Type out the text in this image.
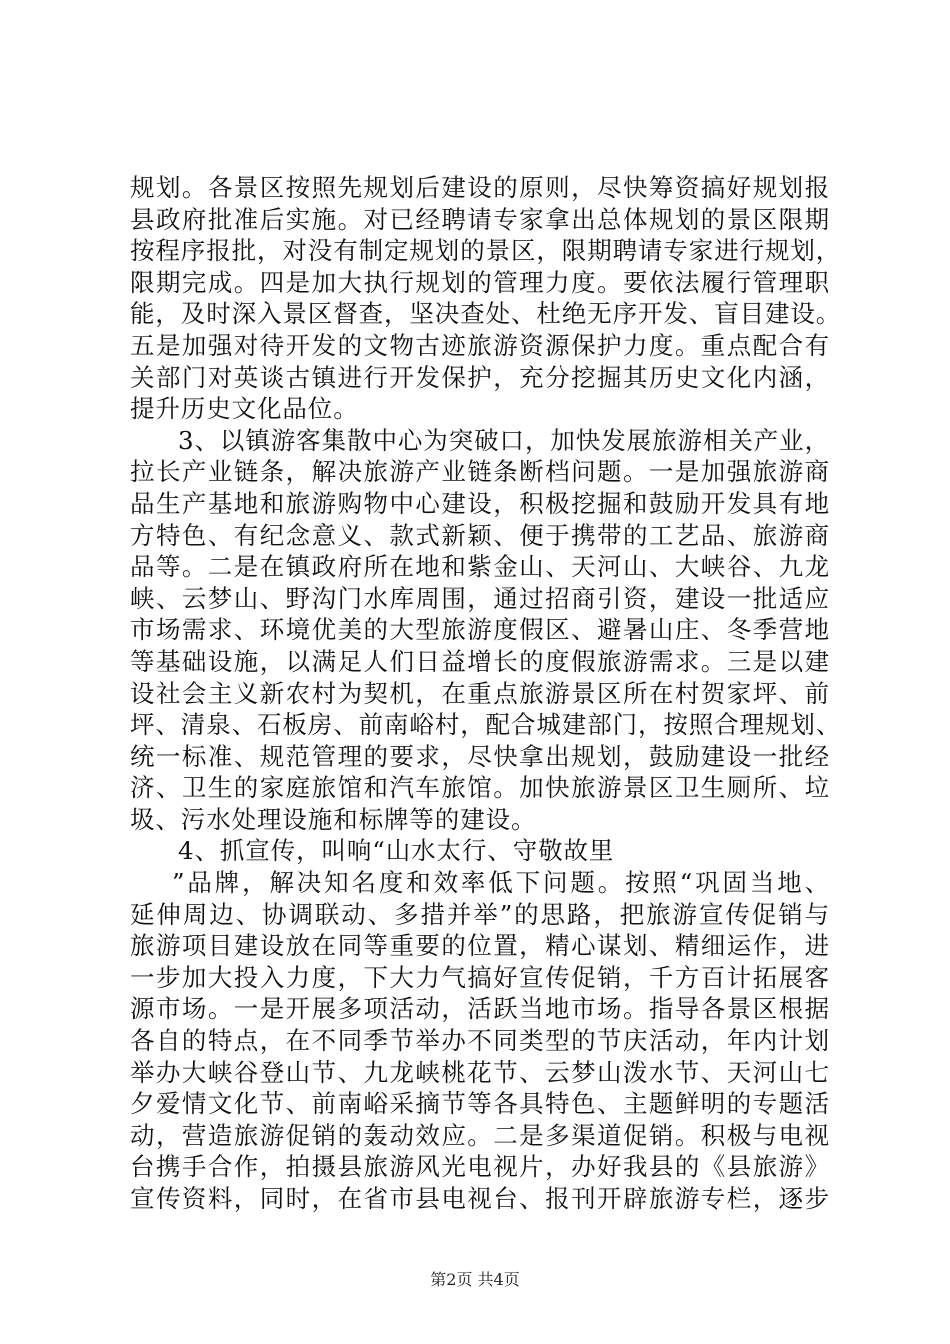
规划。各景区按照先规划后建设的原则，尽快筹资搞好规划报
县政府批准后实施。对已经聘请专家拿出总体规划的景区限期
按程序报批，对没有制定规划的景区，限期聘请专家进行规划，
限期完成。四是加大执行规划的管理力度。要依法履行管理职
能，及时深入景区督查，坚决查处、杜绝无序开发、盲目建设。
五是加强对待开发的文物古迹旅游资源保护力度。重点配合有
关部门对英谈古镇进行开发保护，充分挖掘其历史文化内涵，
提升历史文化品位。
3、以镇游客集散中心为突破口，加快发展旅游相关产业，
拉长产业链条，解决旅游产业链条断档问题。一是加强旅游商
品生产基地和旅游购物中心建设，积极挖掘和鼓励开发具有地
方特色、有纪念意义、款式新颖、便于携带的工艺品、旅游商
品等。二是在镇政府所在地和紫金山、天河山、大峡谷、九龙
峡、云梦山、野沟门水库周围，通过招商引资，建设一批适应
市场需求、环境优美的大型旅游度假区、避暑山庄、冬季营地
等基础设施，以满足人们日益增长的度假旅游需求。三是以建
设社会主义新农村为契机，在重点旅游景区所在村贺家坪、前
坪、清泉、石板房、前南峪村，配合城建部门，按照合理规划、
统一标准、规范管理的要求，尽快拿出规划，鼓励建设一批经
济、卫生的家庭旅馆和汽车旅馆。加快旅游景区卫生厕所、垃
圾、污水处理设施和标牌等的建设。
4、抓宣传，叫响“山水太行、守敬故里
”品牌，解决知名度和效率低下问题。按照“巩固当地、
延伸周边、协调联动、多措并举”的思路，把旅游宣传促销与
旅游项目建设放在同等重要的位置，精心谋划、精细运作，进
一步加大投入力度，下大力气搞好宣传促销，千方百计拓展客
源市场。一是开展多项活动，活跃当地市场。指导各景区根据
各自的特点，在不同季节举办不同类型的节庆活动，年内计划
举办大峡谷登山节、九龙峡桃花节、云梦山泼水节、天河山七
夕爱情文化节、前南峪采摘节等各具特色、主题鲜明的专题活
动，营造旅游促销的轰动效应。二是多渠道促销。积极与电视
台携手合作，拍摄县旅游风光电视片，办好我县的《县旅游》
宣传资料，同时，在省市县电视台、报刊开辟旅游专栏，逐步
第2页 共4页
